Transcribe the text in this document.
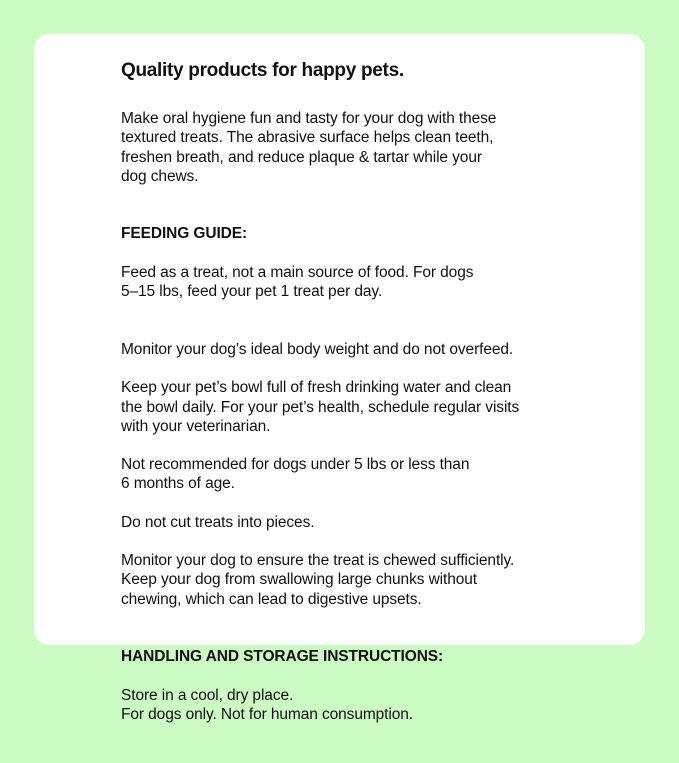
Quality products for happy pets.
Make oral hygiene fun and tasty for your dog with these
textured treats. The abrasive surface helps clean teeth,
freshen breath, and reduce plaque & tartar while your
dog chews.

FEEDING GUIDE:

Feed as a treat, not a main source of food. For dogs
5–15 lbs, feed your pet 1 treat per day.

Monitor your dog’s ideal body weight and do not overfeed.
Keep your pet’s bowl full of fresh drinking water and clean
the bowl daily. For your pet’s health, schedule regular visits
with your veterinarian.
Not recommended for dogs under 5 lbs or less than
6 months of age.
Do not cut treats into pieces.
Monitor your dog to ensure the treat is chewed sufficiently.
Keep your dog from swallowing large chunks without
chewing, which can lead to digestive upsets.

HANDLING AND STORAGE INSTRUCTIONS:

Store in a cool, dry place.
For dogs only. Not for human consumption.
